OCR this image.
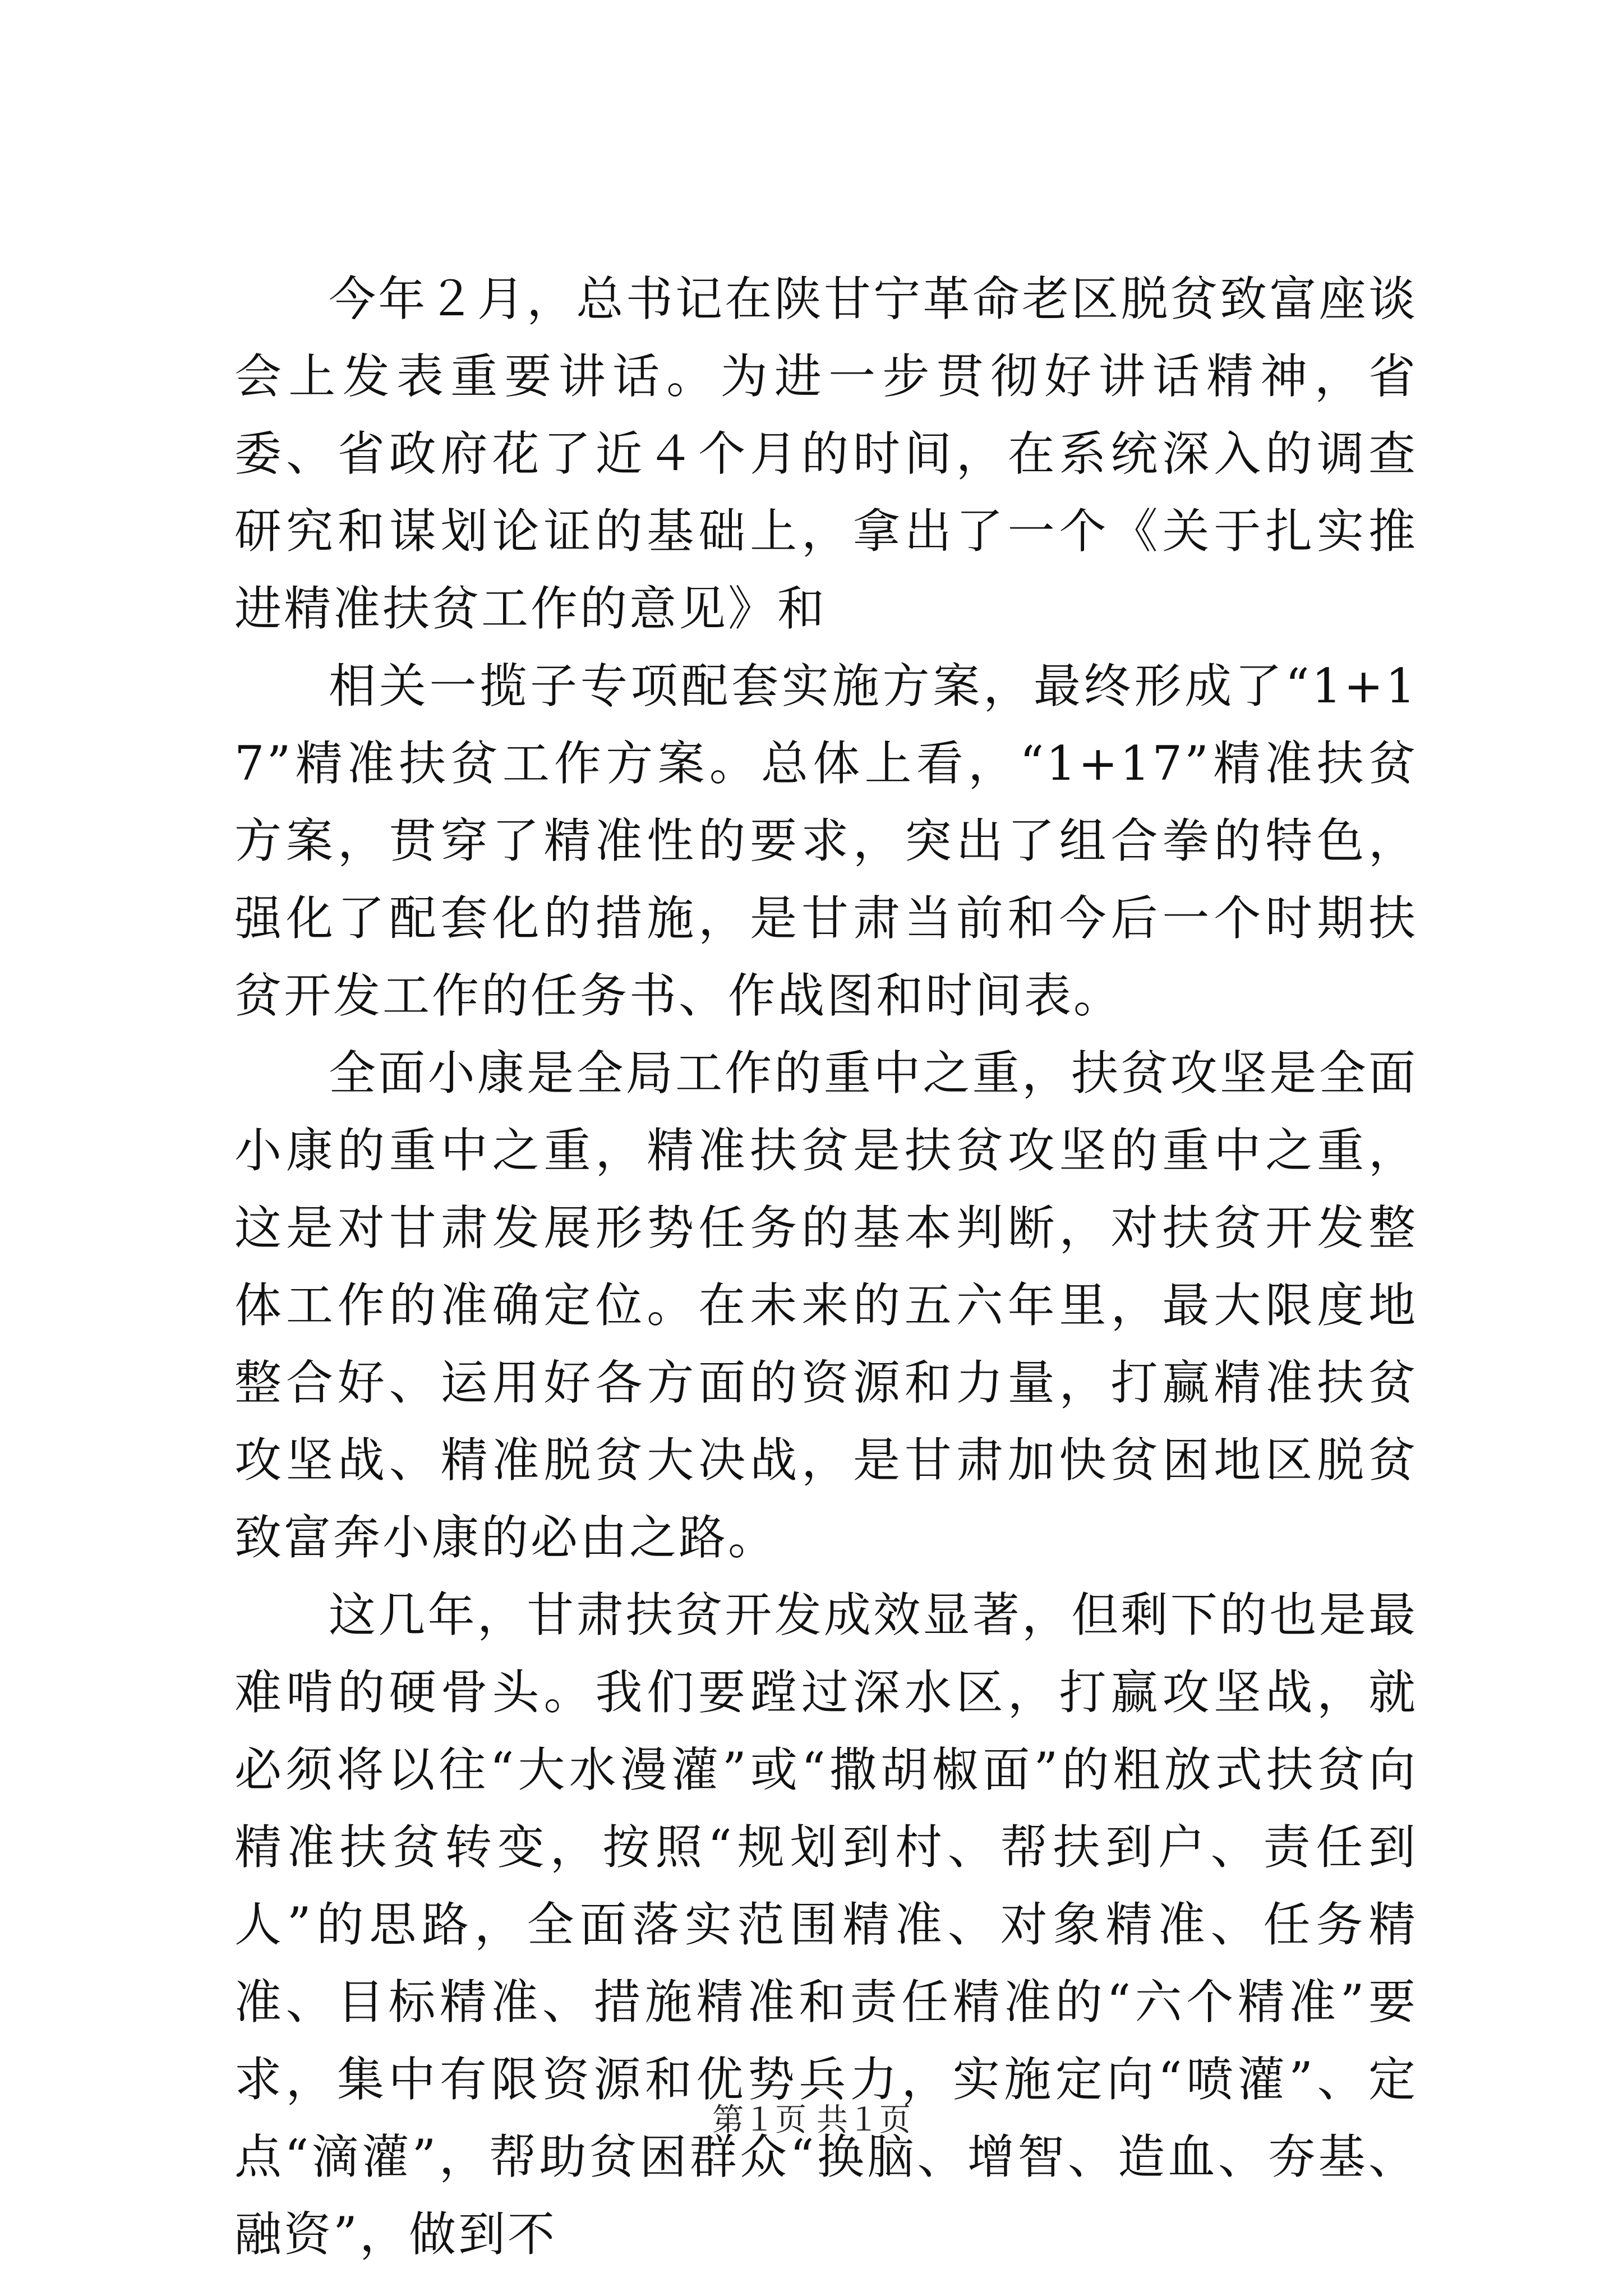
今年２月，总书记在陕甘宁革命老区脱贫致富座谈会上发表重要讲话。为进一步贯彻好讲话精神，省委、省政府花了近４个月的时间，在系统深入的调查研究和谋划论证的基础上，拿出了一个《关于扎实推进精准扶贫工作的意见》和

相关一揽子专项配套实施方案，最终形成了“1+17”精准扶贫工作方案。总体上看，“1+17”精准扶贫方案，贯穿了精准性的要求，突出了组合拳的特色，强化了配套化的措施，是甘肃当前和今后一个时期扶贫开发工作的任务书、作战图和时间表。

全面小康是全局工作的重中之重，扶贫攻坚是全面小康的重中之重，精准扶贫是扶贫攻坚的重中之重，这是对甘肃发展形势任务的基本判断，对扶贫开发整体工作的准确定位。在未来的五六年里，最大限度地整合好、运用好各方面的资源和力量，打赢精准扶贫攻坚战、精准脱贫大决战，是甘肃加快贫困地区脱贫致富奔小康的必由之路。

这几年，甘肃扶贫开发成效显著，但剩下的也是最难啃的硬骨头。我们要蹚过深水区，打赢攻坚战，就必须将以往“大水漫灌”或“撒胡椒面”的粗放式扶贫向精准扶贫转变，按照“规划到村、帮扶到户、责任到人”的思路，全面落实范围精准、对象精准、任务精准、目标精准、措施精准和责任精准的“六个精准”要求，集中有限资源和优势兵力，实施定向“喷灌”、定点“滴灌”，帮助贫困群众“换脑、增智、造血、夯基、融资”，做到不

第１页 共１页
